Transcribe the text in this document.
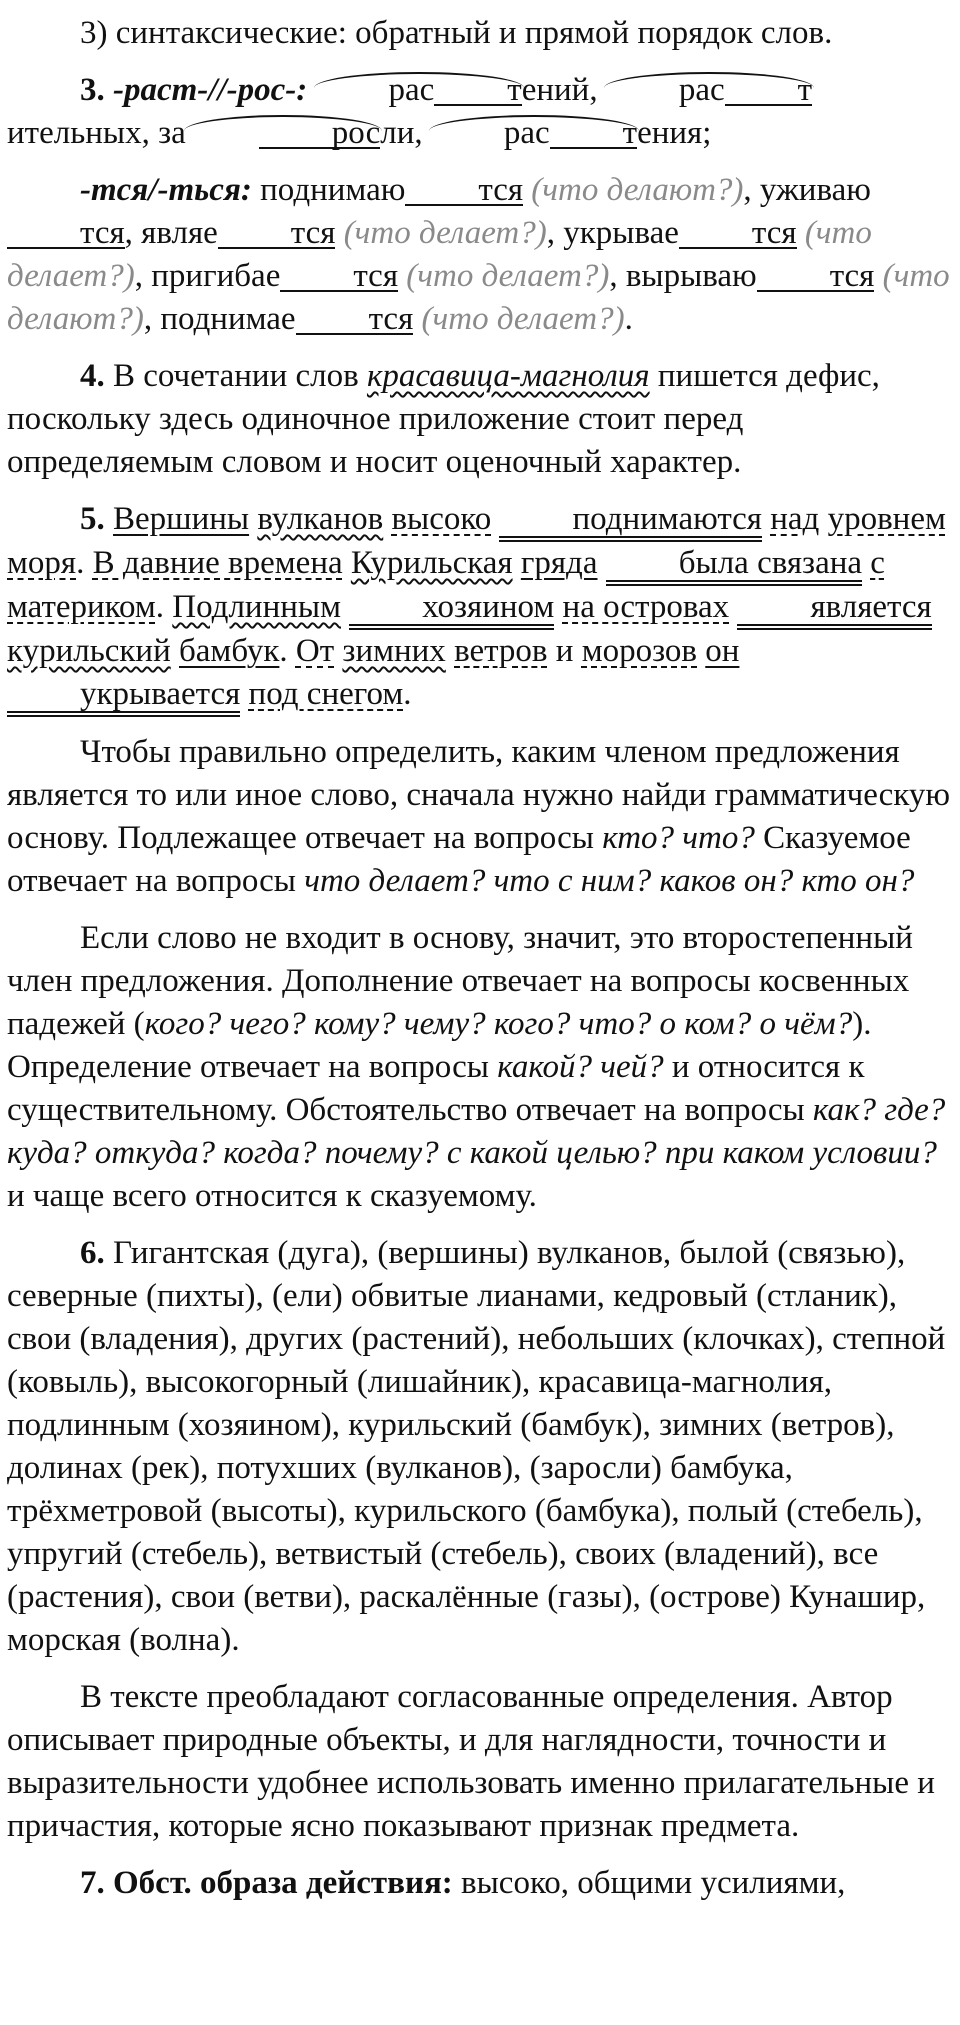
3) синтаксические: обратный и прямой порядок слов.

3. -раст-//-рос-: рас тений, рас тительных, за	росли, рас тения;

-тся/-ться: поднимаю тся (что делают?), уживаются, являе тся (что делает?), укрывае тся (что делает?), пригибае тся (что делает?), вырываю тся (что делают?), поднимае тся (что делает?).

4. В сочетании слов красавица-магнолия пишется дефис, поскольку здесь одиночное приложение стоит перед определяемым словом и носит оценочный характер.

5. Вершины вулканов высоко поднимаются над уровнем моря. В давние времена Курильская гряда была связана с материком. Подлинным хозяином на островах является курильский бамбук. От зимних ветров и морозов он укрывается под снегом.

Чтобы правильно определить, каким членом предложения является то или иное слово, сначала нужно найди грамматическую основу. Подлежащее отвечает на вопросы кто? что? Сказуемое отвечает на вопросы что делает? что с ним? каков он? кто он?

Если слово не входит в основу, значит, это второстепенный член предложения. Дополнение отвечает на вопросы косвенных падежей (кого? чего? кому? чему? кого? что? о ком? о чём?). Определение отвечает на вопросы какой? чей? и относится к существительному. Обстоятельство отвечает на вопросы как? где? куда? откуда? когда? почему? с какой целью? при каком условии? и чаще всего относится к сказуемому.

6. Гигантская (дуга), (вершины) вулканов, былой (связью), северные (пихты), (ели) обвитые лианами, кедровый (стланик), свои (владения), других (растений), небольших (клочках), степной (ковыль), высокогорный (лишайник), красавица-магнолия, подлинным (хозяином), курильский (бамбук), зимних (ветров), долинах (рек), потухших (вулканов), (заросли) бамбука, трёхметровой (высоты), курильского (бамбука), полый (стебель), упругий (стебель), ветвистый (стебель), своих (владений), все (растения), свои (ветви), раскалённые (газы), (острове) Кунашир, морская (волна).

В тексте преобладают согласованные определения. Автор описывает природные объекты, и для наглядности, точности и выразительности удобнее использовать именно прилагательные и причастия, которые ясно показывают признак предмета.

7. Обст. образа действия: высоко, общими усилиями,
